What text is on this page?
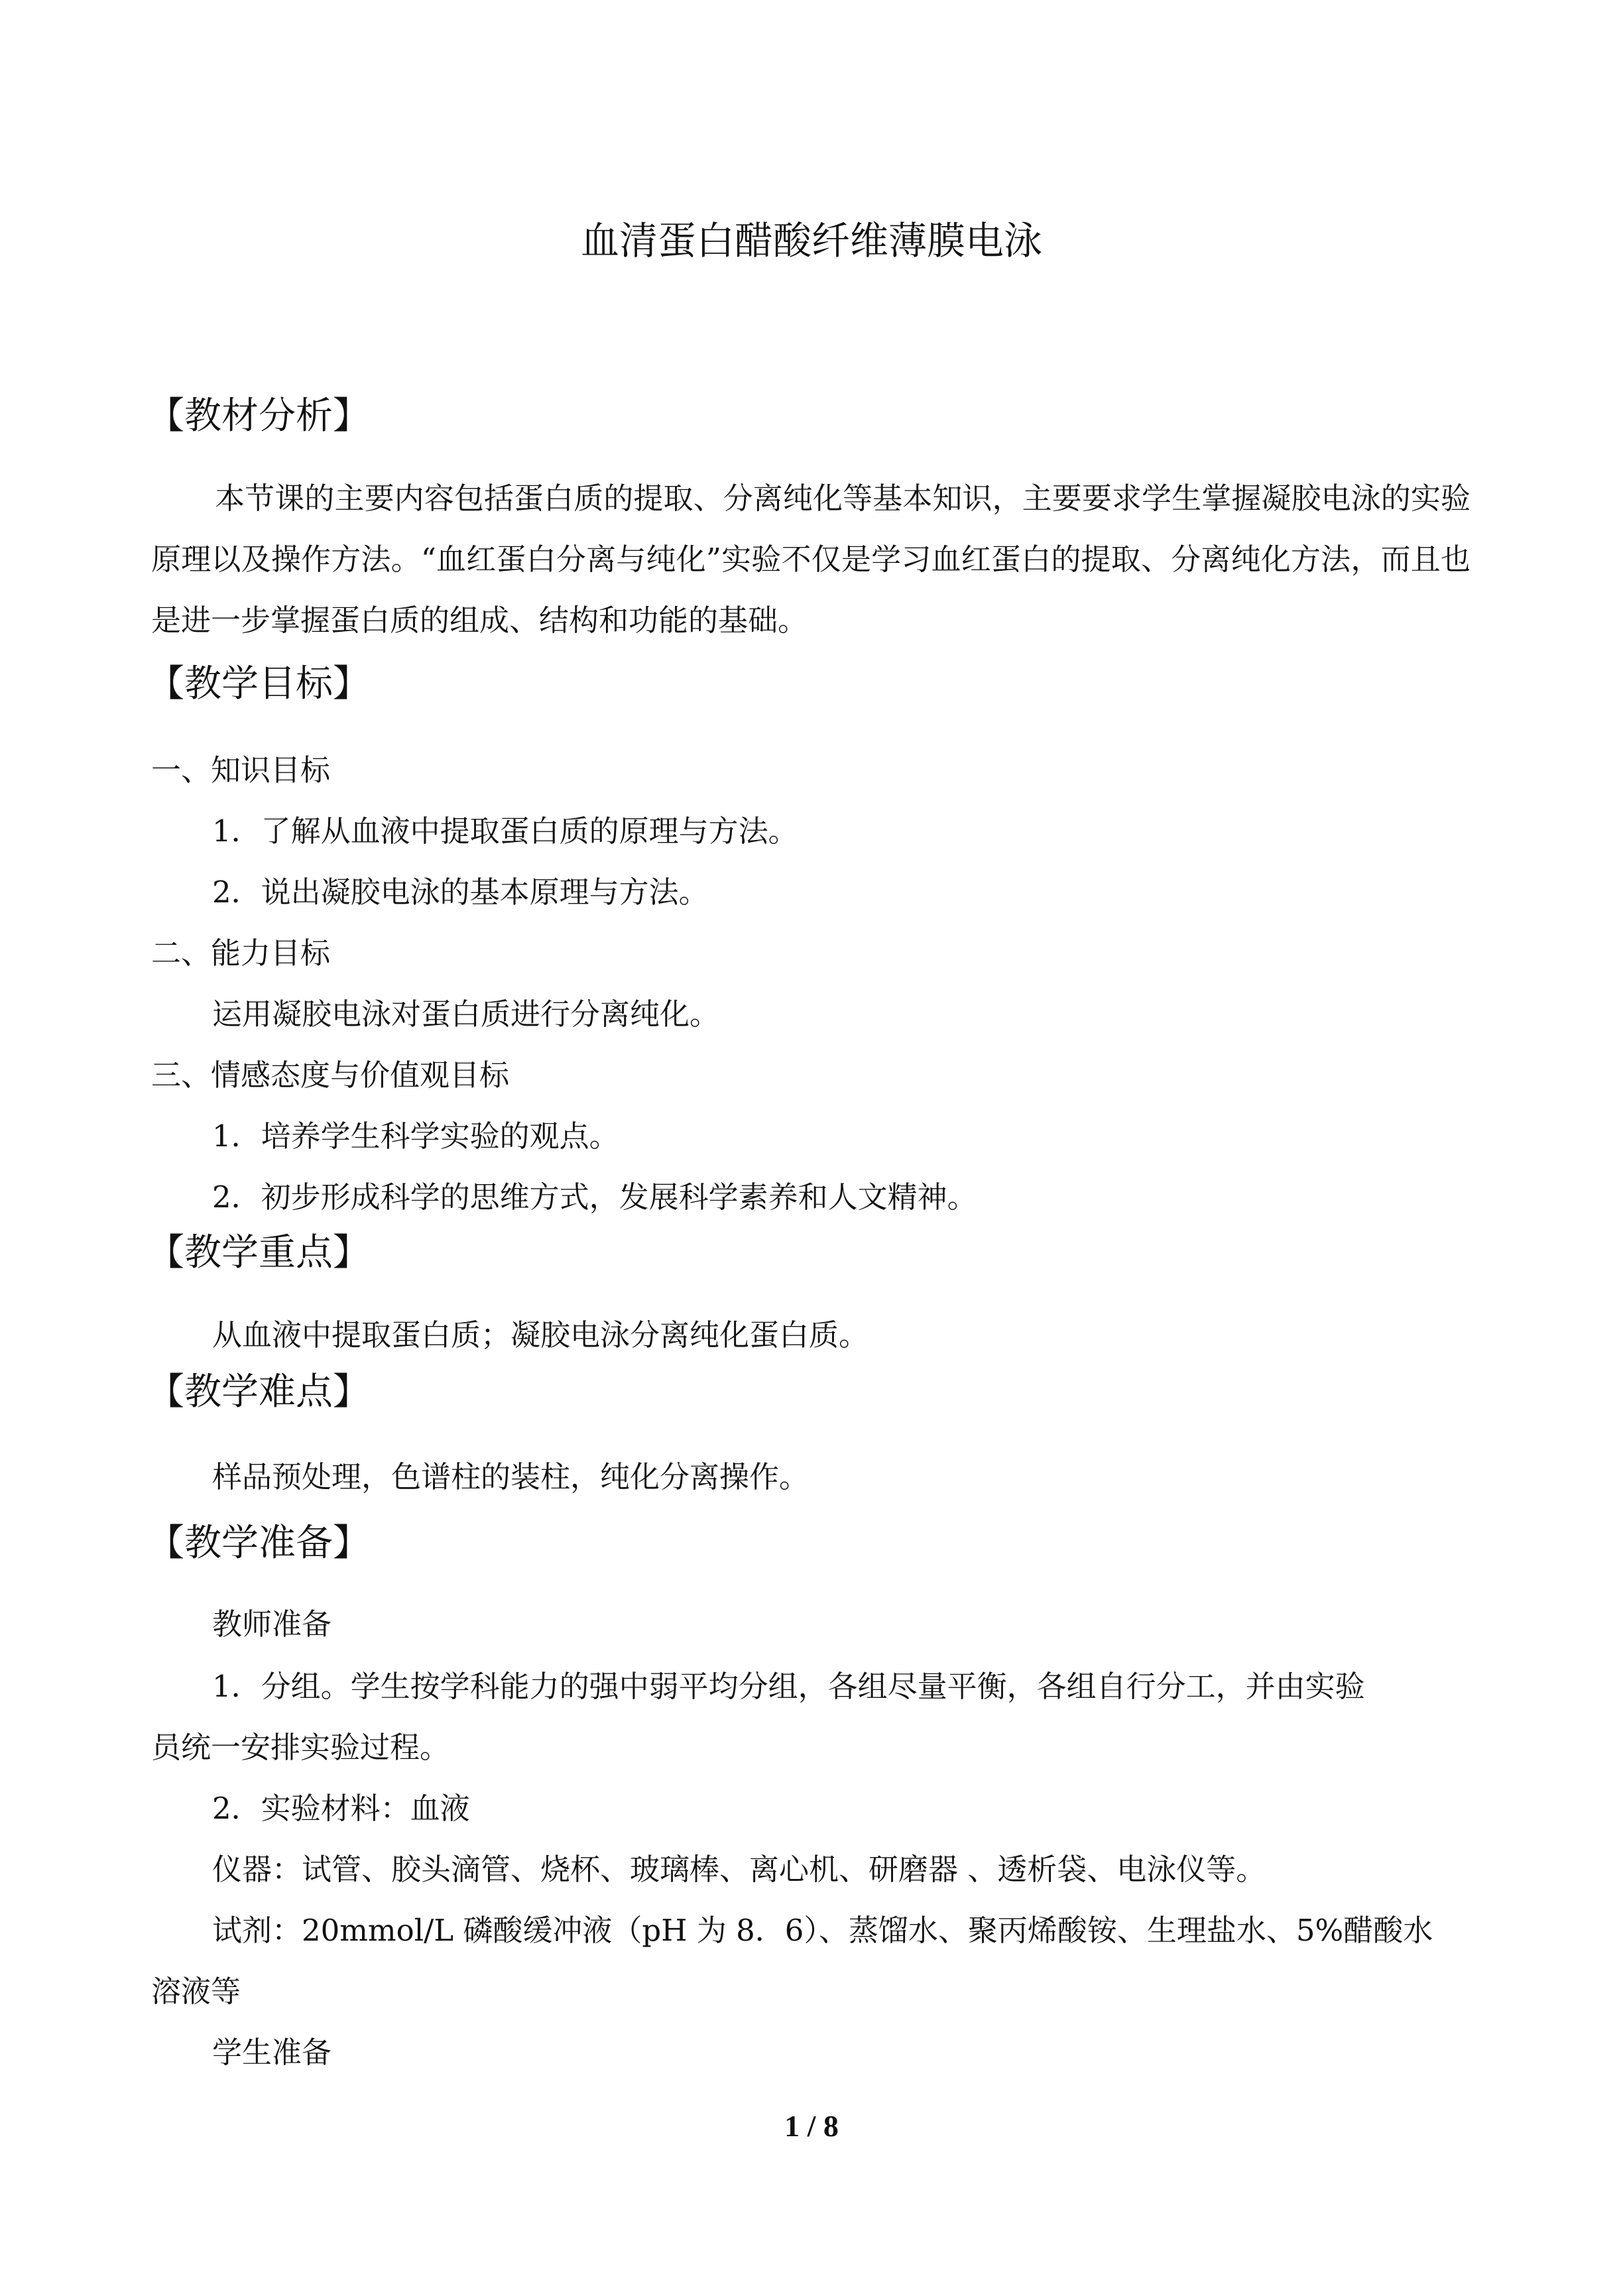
血清蛋白醋酸纤维薄膜电泳
【教材分析】
本节课的主要内容包括蛋白质的提取、分离纯化等基本知识，主要要求学生掌握凝胶电泳的实验原理以及操作方法。“血红蛋白分离与纯化”实验不仅是学习血红蛋白的提取、分离纯化方法，而且也是进一步掌握蛋白质的组成、结构和功能的基础。
【教学目标】
一、知识目标
1．了解从血液中提取蛋白质的原理与方法。
2．说出凝胶电泳的基本原理与方法。
二、能力目标
运用凝胶电泳对蛋白质进行分离纯化。
三、情感态度与价值观目标
1．培养学生科学实验的观点。
2．初步形成科学的思维方式，发展科学素养和人文精神。
【教学重点】
从血液中提取蛋白质；凝胶电泳分离纯化蛋白质。
【教学难点】
样品预处理，色谱柱的装柱，纯化分离操作。
【教学准备】
教师准备
1．分组。学生按学科能力的强中弱平均分组，各组尽量平衡，各组自行分工，并由实验
员统一安排实验过程。
2．实验材料：血液
仪器：试管、胶头滴管、烧杯、玻璃棒、离心机、研磨器 、透析袋、电泳仪等。
试剂：20mmol/L 磷酸缓冲液（pH 为 8．6）、蒸馏水、聚丙烯酸铵、生理盐水、5%醋酸水
溶液等
学生准备
1 / 8
